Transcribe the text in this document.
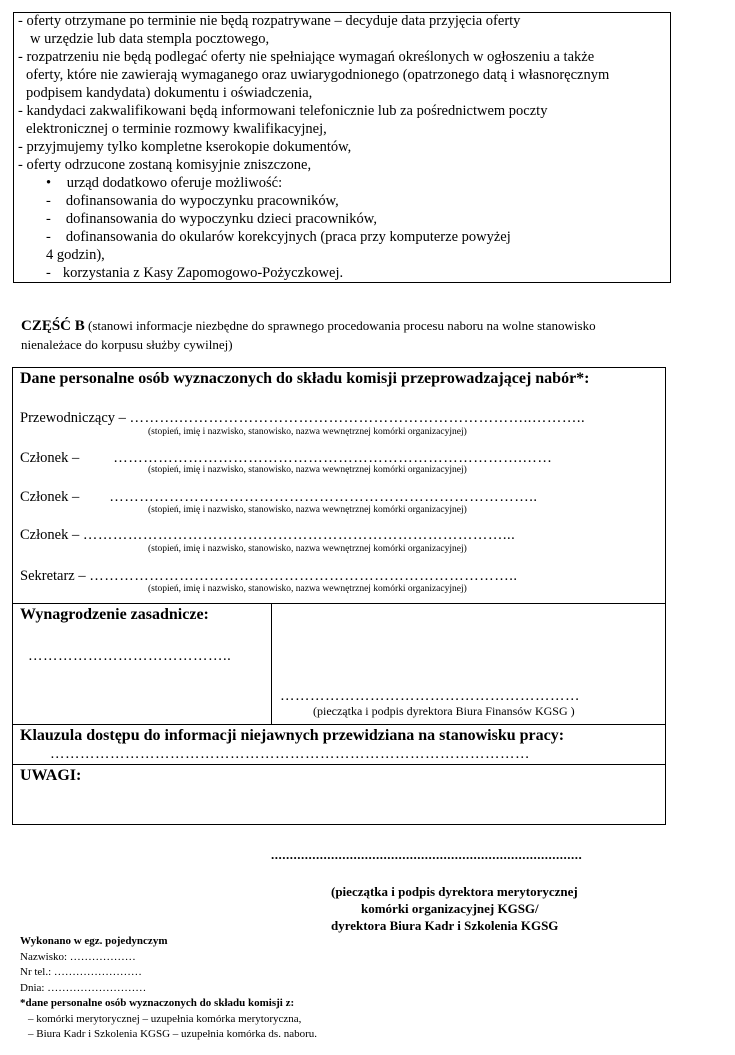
- oferty otrzymane po terminie nie będą rozpatrywane – decyduje data przyjęcia oferty
w urzędzie lub data stempla pocztowego,
- rozpatrzeniu nie będą podlegać oferty nie spełniające wymagań określonych w ogłoszeniu a także
oferty, które nie zawierają wymaganego oraz uwiarygodnionego (opatrzonego datą i własnoręcznym
podpisem kandydata) dokumentu i oświadczenia,
- kandydaci zakwalifikowani będą informowani telefonicznie lub za pośrednictwem poczty
elektronicznej o terminie rozmowy kwalifikacyjnej,
- przyjmujemy tylko kompletne kserokopie dokumentów,
- oferty odrzucone zostaną komisyjnie zniszczone,
• urząd dodatkowo oferuje możliwość:
- dofinansowania do wypoczynku pracowników,
- dofinansowania do wypoczynku dzieci pracowników,
- dofinansowania do okularów korekcyjnych (praca przy komputerze powyżej
4 godzin),
- korzystania z Kasy Zapomogowo-Pożyczkowej.
CZĘŚĆ B (stanowi informacje niezbędne do sprawnego procedowania procesu naboru na wolne stanowisko
nienależace do korpusu służby cywilnej)
Dane personalne osób wyznaczonych do składu komisji przeprowadzającej nabór*:
Przewodniczący – ……….……………………………………………………………..………..
(stopień, imię i nazwisko, stanowisko, nazwa wewnętrznej komórki organizacyjnej)
Członek – ……………………………………………………………………….……
(stopień, imię i nazwisko, stanowisko, nazwa wewnętrznej komórki organizacyjnej)
Członek – …………………………………………………………………………..
(stopień, imię i nazwisko, stanowisko, nazwa wewnętrznej komórki organizacyjnej)
Członek – …………………………………………………………………………...
(stopień, imię i nazwisko, stanowisko, nazwa wewnętrznej komórki organizacyjnej)
Sekretarz – …………………………………………………………………………..
(stopień, imię i nazwisko, stanowisko, nazwa wewnętrznej komórki organizacyjnej)
Wynagrodzenie zasadnicze:
…………………………………..
……………………………………………………
(pieczątka i podpis dyrektora Biura Finansów KGSG )
Klauzula dostępu do informacji niejawnych przewidziana na stanowisku pracy:
……………………………………………………………………………………
UWAGI:
...................................................................................
(pieczątka i podpis dyrektora merytorycznej
komórki organizacyjnej KGSG/
dyrektora Biura Kadr i Szkolenia KGSG
Wykonano w egz. pojedynczym
Nazwisko: ………………
Nr tel.: ……………………
Dnia: ………………………
*dane personalne osób wyznaczonych do składu komisji z:
– komórki merytorycznej – uzupełnia komórka merytoryczna,
– Biura Kadr i Szkolenia KGSG – uzupełnia komórka ds. naboru.
